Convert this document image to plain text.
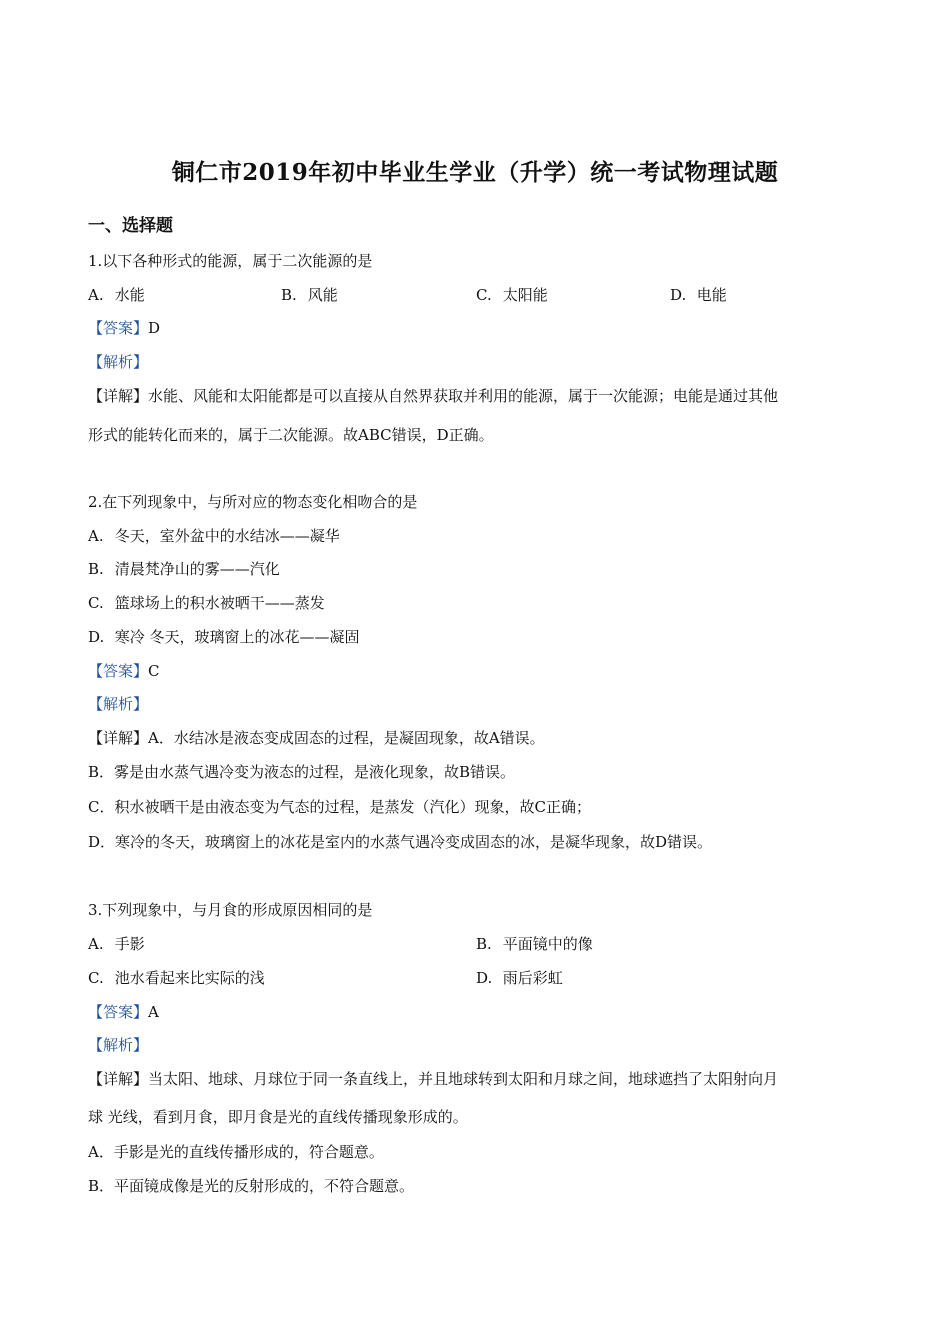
铜仁市2019年初中毕业生学业（升学）统一考试物理试题
一、选择题
1.以下各种形式的能源，属于二次能源的是
A. 水能	B. 风能	C. 太阳能	D. 电能
【答案】D
【解析】
【详解】水能、风能和太阳能都是可以直接从自然界获取并利用的能源，属于一次能源；电能是通过其他
形式的能转化而来的，属于二次能源。故ABC错误，D正确。
2.在下列现象中，与所对应的物态变化相吻合的是
A. 冬天，室外盆中的水结冰——凝华
B. 清晨梵净山的雾——汽化
C. 篮球场上的积水被晒干——蒸发
D. 寒冷 冬天，玻璃窗上的冰花——凝固
【答案】C
【解析】
【详解】A．水结冰是液态变成固态的过程，是凝固现象，故A错误。
B．雾是由水蒸气遇冷变为液态的过程，是液化现象，故B错误。
C．积水被晒干是由液态变为气态的过程，是蒸发（汽化）现象，故C正确；
D．寒冷的冬天，玻璃窗上的冰花是室内的水蒸气遇冷变成固态的冰，是凝华现象，故D错误。
3.下列现象中，与月食的形成原因相同的是
A. 手影	B. 平面镜中的像
C. 池水看起来比实际的浅	D. 雨后彩虹
【答案】A
【解析】
【详解】当太阳、地球、月球位于同一条直线上，并且地球转到太阳和月球之间，地球遮挡了太阳射向月
球 光线，看到月食，即月食是光的直线传播现象形成的。
A．手影是光的直线传播形成的，符合题意。
B．平面镜成像是光的反射形成的，不符合题意。
